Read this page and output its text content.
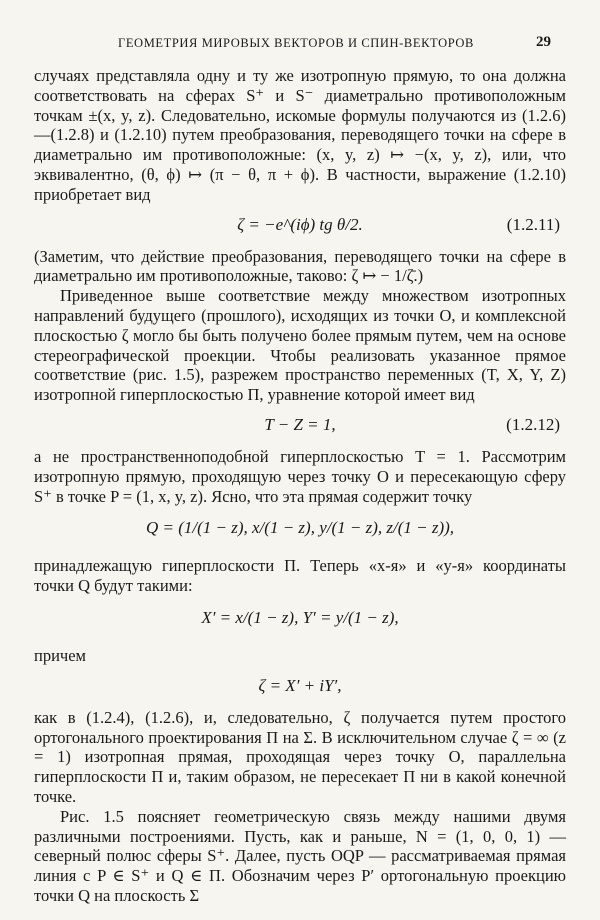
ГЕОМЕТРИЯ МИРОВЫХ ВЕКТОРОВ И СПИН-ВЕКТОРОВ	29

случаях представляла одну и ту же изотропную прямую, то она должна соответствовать на сферах S⁺ и S⁻ диаметрально противоположным точкам ±(x, y, z). Следовательно, искомые формулы получаются из (1.2.6)—(1.2.8) и (1.2.10) путем преобразования, переводящего точки на сфере в диаметрально им противоположные: (x, y, z) ↦ −(x, y, z), или, что эквивалентно, (θ, ϕ) ↦ (π − θ, π + ϕ). В частности, выражение (1.2.10) приобретает вид

ζ = −e^(iϕ) tg θ/2.	(1.2.11)

(Заметим, что действие преобразования, переводящего точки на сфере в диаметрально им противоположные, таково: ζ ↦ − 1/ζ̄.)

Приведенное выше соответствие между множеством изотропных направлений будущего (прошлого), исходящих из точки O, и комплексной плоскостью ζ могло бы быть получено более прямым путем, чем на основе стереографической проекции. Чтобы реализовать указанное прямое соответствие (рис. 1.5), разрежем пространство переменных (T, X, Y, Z) изотропной гиперплоскостью П, уравнение которой имеет вид

T − Z = 1,	(1.2.12)

а не пространственноподобной гиперплоскостью T = 1. Рассмотрим изотропную прямую, проходящую через точку O и пересекающую сферу S⁺ в точке P = (1, x, y, z). Ясно, что эта прямая содержит точку

Q = (1/(1 − z), x/(1 − z), y/(1 − z), z/(1 − z)),

принадлежащую гиперплоскости П. Теперь «x-я» и «y-я» координаты точки Q будут такими:

X′ = x/(1 − z), Y′ = y/(1 − z),

причем

ζ = X′ + iY′,

как в (1.2.4), (1.2.6), и, следовательно, ζ получается путем простого ортогонального проектирования П на Σ. В исключительном случае ζ = ∞ (z = 1) изотропная прямая, проходящая через точку O, параллельна гиперплоскости П и, таким образом, не пересекает П ни в какой конечной точке.

Рис. 1.5 поясняет геометрическую связь между нашими двумя различными построениями. Пусть, как и раньше, N = (1, 0, 0, 1) — северный полюс сферы S⁺. Далее, пусть OQP — рассматриваемая прямая линия с P ∈ S⁺ и Q ∈ П. Обозначим через P′ ортогональную проекцию точки Q на плоскость Σ
